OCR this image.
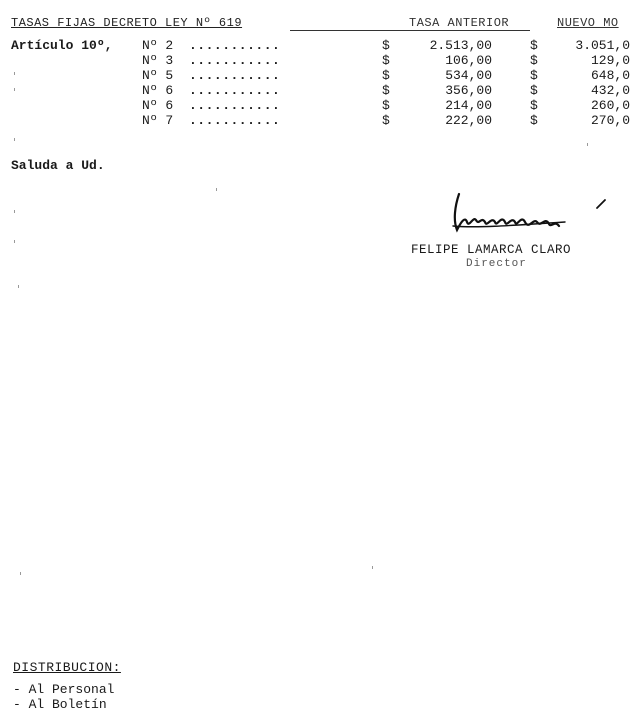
TASAS FIJAS DECRETO LEY Nº 619	TASA ANTERIOR	NUEVO MO
Artículo 10º, Nº 2 ...........	$	2.513,00	$	3.051,0
Nº 3 ...........	$	106,00	$	129,0
Nº 5 ...........	$	534,00	$	648,0
Nº 6 ...........	$	356,00	$	432,0
Nº 6 ...........	$	214,00	$	260,0
Nº 7 ...........	$	222,00	$	270,0
Saluda a Ud.
FELIPE LAMARCA CLARO
Director
DISTRIBUCION:
- Al Personal
- Al Boletín
